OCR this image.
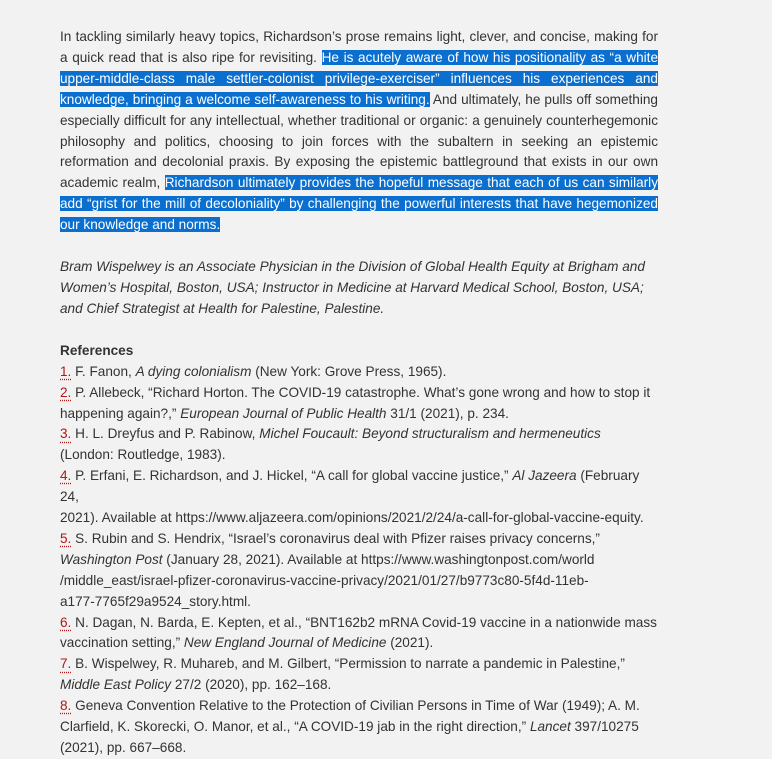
In tackling similarly heavy topics, Richardson’s prose remains light, clever, and concise, making for a quick read that is also ripe for revisiting. He is acutely aware of how his positionality as “a white upper-middle-class male settler-colonist privilege-exerciser” influences his experiences and knowledge, bringing a welcome self-awareness to his writing. And ultimately, he pulls off something especially difficult for any intellectual, whether traditional or organic: a genuinely counterhegemonic philosophy and politics, choosing to join forces with the subaltern in seeking an epistemic reformation and decolonial praxis. By exposing the epistemic battleground that exists in our own academic realm, Richardson ultimately provides the hopeful message that each of us can similarly add “grist for the mill of decoloniality” by challenging the powerful interests that have hegemonized our knowledge and norms.

Bram Wispelwey is an Associate Physician in the Division of Global Health Equity at Brigham and
Women’s Hospital, Boston, USA; Instructor in Medicine at Harvard Medical School, Boston, USA;
and Chief Strategist at Health for Palestine, Palestine.

References

1. F. Fanon, A dying colonialism (New York: Grove Press, 1965).

2. P. Allebeck, “Richard Horton. The COVID-19 catastrophe. What’s gone wrong and how to stop it
happening again?,” European Journal of Public Health 31/1 (2021), p. 234.

3. H. L. Dreyfus and P. Rabinow, Michel Foucault: Beyond structuralism and hermeneutics
(London: Routledge, 1983).

4. P. Erfani, E. Richardson, and J. Hickel, “A call for global vaccine justice,” Al Jazeera (February 24,
2021). Available at https://www.aljazeera.com/opinions/2021/2/24/a-call-for-global-vaccine-equity.

5. S. Rubin and S. Hendrix, “Israel’s coronavirus deal with Pfizer raises privacy concerns,”
Washington Post (January 28, 2021). Available at https://www.washingtonpost.com/world
/middle_east/israel-pfizer-coronavirus-vaccine-privacy/2021/01/27/b9773c80-5f4d-11eb-
a177-7765f29a9524_story.html.

6. N. Dagan, N. Barda, E. Kepten, et al., “BNT162b2 mRNA Covid-19 vaccine in a nationwide mass
vaccination setting,” New England Journal of Medicine (2021).

7. B. Wispelwey, R. Muhareb, and M. Gilbert, “Permission to narrate a pandemic in Palestine,”
Middle East Policy 27/2 (2020), pp. 162–168.

8. Geneva Convention Relative to the Protection of Civilian Persons in Time of War (1949); A. M.
Clarfield, K. Skorecki, O. Manor, et al., “A COVID-19 jab in the right direction,” Lancet 397/10275
(2021), pp. 667–668.
